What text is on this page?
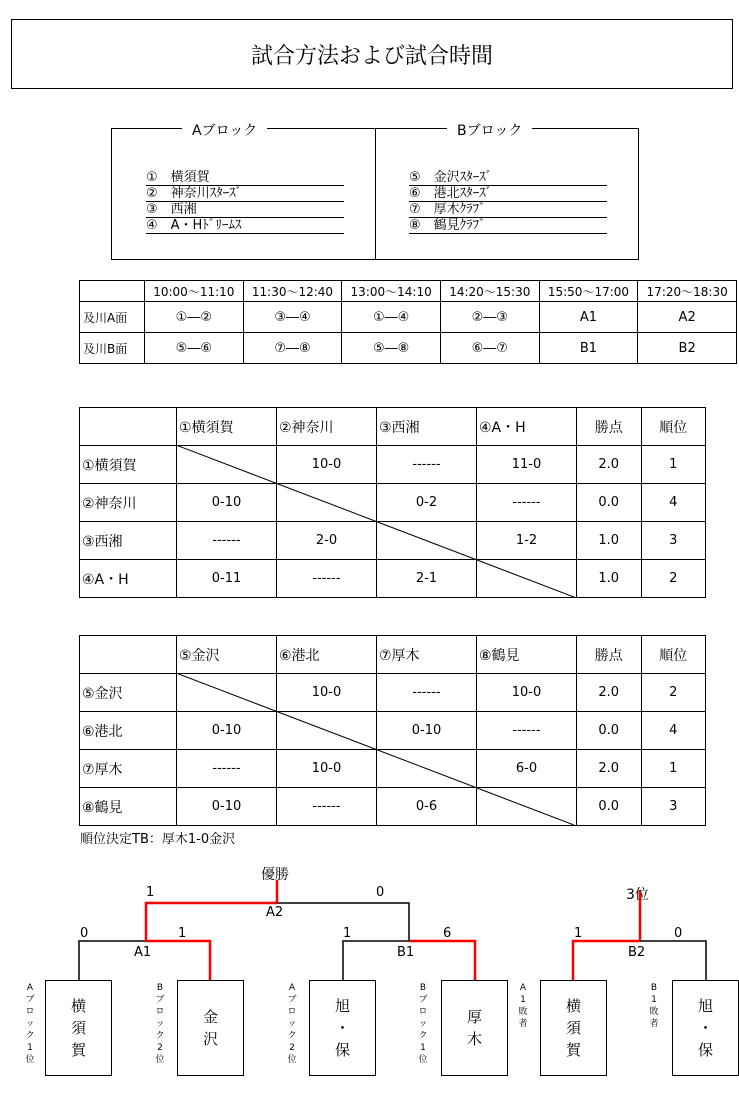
試合方法および試合時間
Aブロック	Bブロック
①　横須賀
②　神奈川ｽﾀｰｽﾞ
③　西湘
④　A・Hﾄﾞﾘｰﾑｽ
⑤　金沢ｽﾀｰｽﾞ
⑥　港北ｽﾀｰｽﾞ
⑦　厚木ｸﾗﾌﾞ
⑧　鶴見ｸﾗﾌﾞ
	10:00～11:10	11:30～12:40	13:00～14:10	14:20～15:30	15:50～17:00	17:20～18:30
及川A面	①―②	③―④	①―④	②―③	A1	A2
及川B面	⑤―⑥	⑦―⑧	⑤―⑧	⑥―⑦	B1	B2
	①横須賀	②神奈川	③西湘	④A・H	勝点	順位
①横須賀		10-0	------	11-0	2.0	1
②神奈川	0-10		0-2	------	0.0	4
③西湘	------	2-0		1-2	1.0	3
④A・H	0-11	------	2-1		1.0	2
	⑤金沢	⑥港北	⑦厚木	⑧鶴見	勝点	順位
⑤金沢		10-0	------	10-0	2.0	2
⑥港北	0-10		0-10	------	0.0	4
⑦厚木	------	10-0		6-0	2.0	1
⑧鶴見	0-10	------	0-6		0.0	3
順位決定TB：厚木1-0金沢
優勝
3位
A2
A1	B1	B2
1	0
0	1	1	6	1	0
A
ブ
ロ
ッ
ク
1
位
B
ブ
ロ
ッ
ク
2
位
A
ブ
ロ
ッ
ク
2
位
B
ブ
ロ
ッ
ク
1
位
A
1
敗
者
B
1
敗
者
横
須
賀
金
沢
旭
・
保
厚
木
横
須
賀
旭
・
保
